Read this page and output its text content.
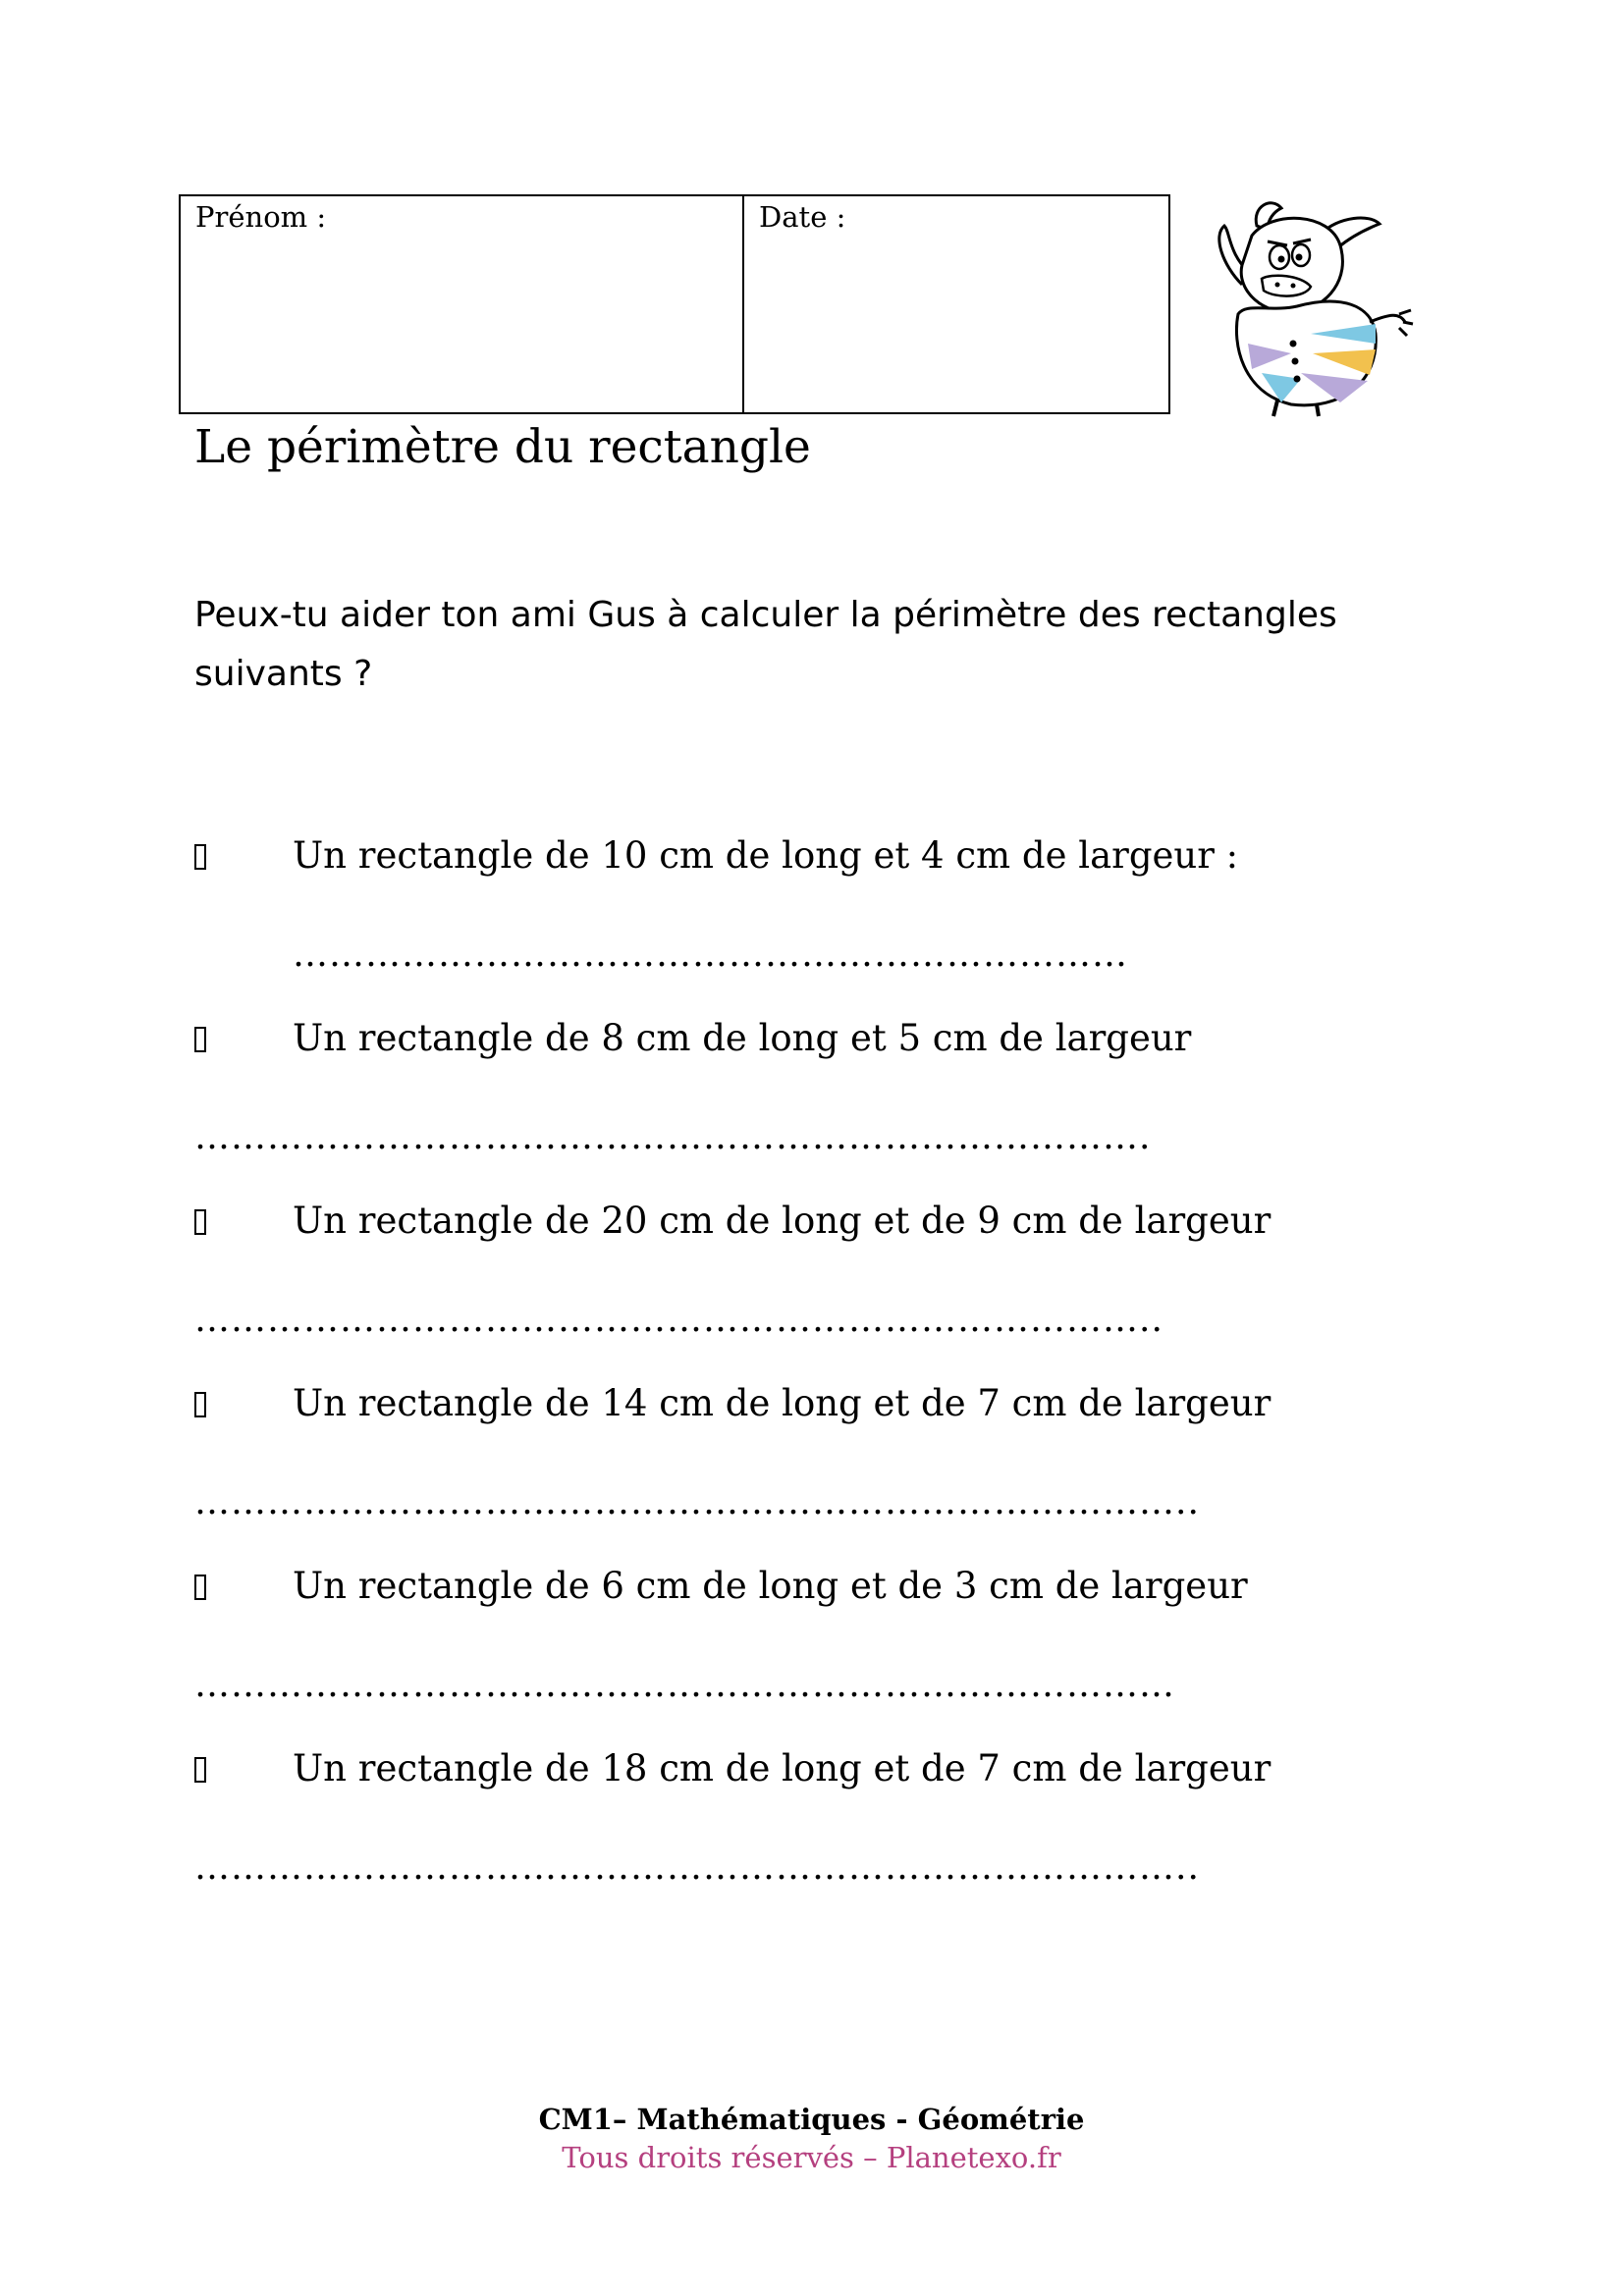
Prénom :	Date :
Le périmètre du rectangle

Peux-tu aider ton ami Gus à calculer la périmètre des rectangles suivants ?

Un rectangle de 10 cm de long et 4 cm de largeur :
……………………………………………………………
Un rectangle de 8 cm de long et 5 cm de largeur
…………………………………………………………………….
Un rectangle de 20 cm de long et de 9 cm de largeur
……………………………………………………………………..
Un rectangle de 14 cm de long et de 7 cm de largeur
………………………………………………………………………..
Un rectangle de 6 cm de long et de 3 cm de largeur
………………………………………………………………………
Un rectangle de 18 cm de long et de 7 cm de largeur
………………………………………………………………………..
CM1– Mathématiques - Géométrie
Tous droits réservés – Planetexo.fr
